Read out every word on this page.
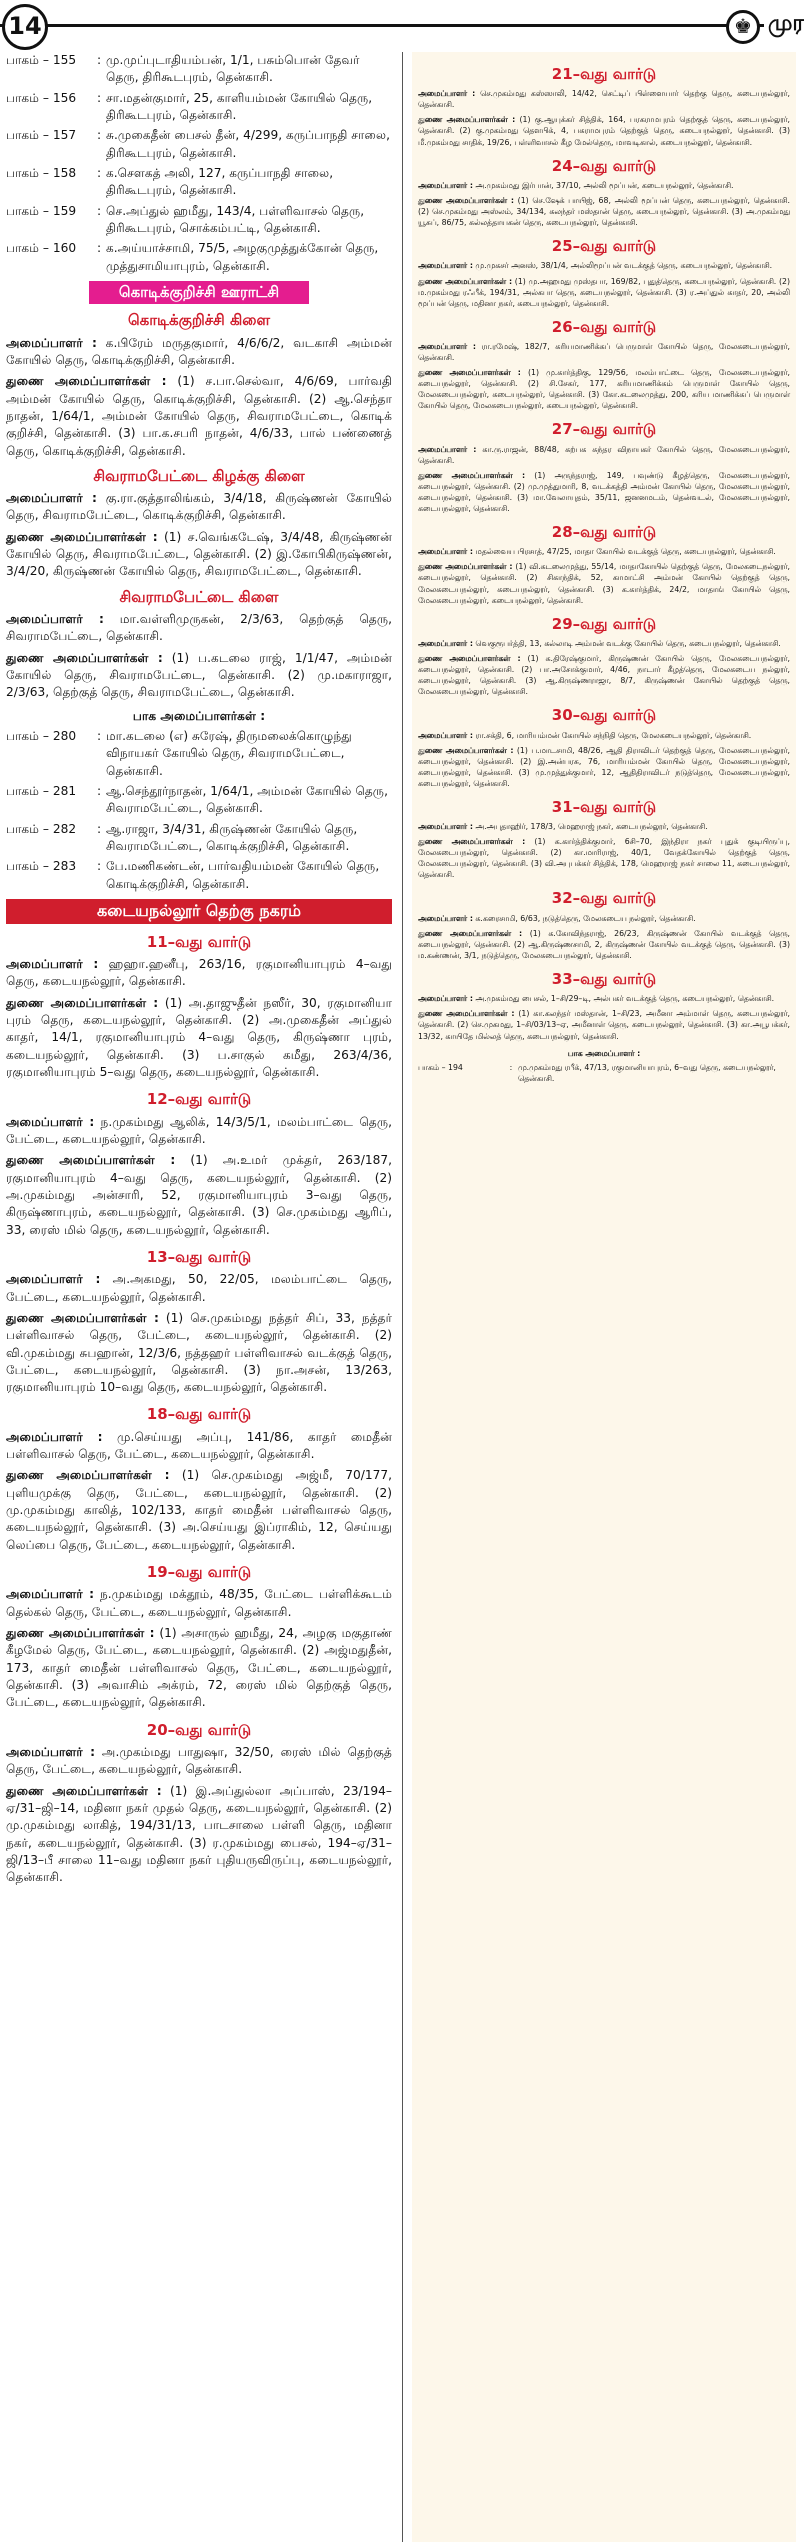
14	♚ முர
பாகம் – 155	: மு.முப்புடாதியம்பன், 1/1, பசும்பொன் தேவர் தெரு, திரிகூடபுரம், தென்காசி.
பாகம் – 156	: சா.மதன்குமார், 25, காளியம்மன் கோயில் தெரு, திரிகூடபுரம், தென்காசி.
பாகம் – 157	: சு.முகைதீன் பைசல் தீன், 4/299, கருப்பாநதி சாலை, திரிகூடபுரம், தென்காசி.
பாகம் – 158	: க.செளகத் அலி, 127, கருப்பாநதி சாலை, திரிகூடபுரம், தென்காசி.
பாகம் – 159	: செ.அப்துல் ஹமீது, 143/4, பள்ளிவாசல் தெரு, திரிகூடபுரம், சொக்கம்பட்டி, தென்காசி.
பாகம் – 160	: க.அய்யாச்சாமி, 75/5, அழகுமுத்துக்கோன் தெரு, முத்துசாமியாபுரம், தென்காசி.
கொடிக்குறிச்சி ஊராட்சி
கொடிக்குறிச்சி கிளை
அமைப்பாளர் : க.பிரேம் மருதகுமார், 4/6/6/2, வடகாசி அம்மன் கோயில் தெரு, கொடிக்குறிச்சி, தென்காசி.
துணை அமைப்பாளர்கள் : (1) ச.பா.செல்வா, 4/6/69, பார்வதி அம்மன் கோயில் தெரு, கொடிக்குறிச்சி, தென்காசி. (2) ஆ.செந்தா நாதன், 1/64/1, அம்மன் கோயில் தெரு, சிவராமபேட்டை, கொடிக் குறிச்சி, தென்காசி. (3) பா.க.சபரி நாதன், 4/6/33, பால் பண்ணைத் தெரு, கொடிக்குறிச்சி, தென்காசி.
சிவராமபேட்டை கிழக்கு கிளை
அமைப்பாளர் : கு.ரா.குத்தாலிங்கம், 3/4/18, கிருஷ்ணன் கோயில் தெரு, சிவராமபேட்டை, கொடிக்குறிச்சி, தென்காசி.
துணை அமைப்பாளர்கள் : (1) ச.வெங்கடேஷ், 3/4/48, கிருஷ்ணன் கோயில் தெரு, சிவராமபேட்டை, தென்காசி. (2) இ.கோபிகிருஷ்ணன், 3/4/20, கிருஷ்ணன் கோயில் தெரு, சிவராமபேட்டை, தென்காசி.
சிவராமபேட்டை கிளை
அமைப்பாளர் : மா.வள்ளிமுருகன், 2/3/63, தெற்குத் தெரு, சிவராமபேட்டை, தென்காசி.
துணை அமைப்பாளர்கள் : (1) ப.கடலை ராஜ், 1/1/47, அம்மன் கோயில் தெரு, சிவராமபேட்டை, தென்காசி. (2) மு.மகாராஜா, 2/3/63, தெற்குத் தெரு, சிவராமபேட்டை, தென்காசி.
பாக அமைப்பாளர்கள் :
பாகம் – 280	: மா.கடலை (எ) சுரேஷ், திருமலைக்கொழுந்து விநாயகர் கோயில் தெரு, சிவராமபேட்டை, தென்காசி.
பாகம் – 281	: ஆ.செந்தூர்நாதன், 1/64/1, அம்மன் கோயில் தெரு, சிவராமபேட்டை, தென்காசி.
பாகம் – 282	: ஆ.ராஜா, 3/4/31, கிருஷ்ணன் கோயில் தெரு, சிவராமபேட்டை, கொடிக்குறிச்சி, தென்காசி.
பாகம் – 283	: பே.மணிகண்டன், பார்வதியம்மன் கோயில் தெரு, கொடிக்குறிச்சி, தென்காசி.
கடையநல்லூர் தெற்கு நகரம்
11–வது வார்டு
அமைப்பாளர் : ஹஹா.ஹனீபு, 263/16, ரகுமானியாபுரம் 4–வது தெரு, கடையநல்லூர், தென்காசி.
துணை அமைப்பாளர்கள் : (1) அ.தாஜுதீன் நஸீர், 30, ரகுமானியா புரம் தெரு, கடையநல்லூர், தென்காசி. (2) அ.முகைதீன் அப்துல் காதர், 14/1, ரகுமானியாபுரம் 4–வது தெரு, கிருஷ்ணா புரம், கடையநல்லூர், தென்காசி. (3) ப.சாகுல் கமீது, 263/4/36, ரகுமானியாபுரம் 5–வது தெரு, கடையநல்லூர், தென்காசி.
12–வது வார்டு
அமைப்பாளர் : ந.முகம்மது ஆலிக், 14/3/5/1, மலம்பாட்டை தெரு, பேட்டை, கடையநல்லூர், தென்காசி.
துணை அமைப்பாளர்கள் : (1) அ.உமர் முக்தர், 263/187, ரகுமானியாபுரம் 4–வது தெரு, கடையநல்லூர், தென்காசி. (2) அ.முகம்மது அன்சாரி, 52, ரகுமானியாபுரம் 3–வது தெரு, கிருஷ்ணாபுரம், கடையநல்லூர், தென்காசி. (3) செ.முகம்மது ஆரிப், 33, ரைஸ் மில் தெரு, கடையநல்லூர், தென்காசி.
13–வது வார்டு
அமைப்பாளர் : அ.அகமது, 50, 22/05, மலம்பாட்டை தெரு, பேட்டை, கடையநல்லூர், தென்காசி.
துணை அமைப்பாளர்கள் : (1) செ.முகம்மது நத்தர் சிப், 33, நத்தர் பள்ளிவாசல் தெரு, பேட்டை, கடையநல்லூர், தென்காசி. (2) வி.முகம்மது சுபஹான், 12/3/6, நத்தஹர் பள்ளிவாசல் வடக்குத் தெரு, பேட்டை, கடையநல்லூர், தென்காசி. (3) நா.அசன், 13/263, ரகுமானியாபுரம் 10–வது தெரு, கடையநல்லூர், தென்காசி.
18–வது வார்டு
அமைப்பாளர் : மு.செய்யது அப்பு, 141/86, காதர் மைதீன் பள்ளிவாசல் தெரு, பேட்டை, கடையநல்லூர், தென்காசி.
துணை அமைப்பாளர்கள் : (1) செ.முகம்மது அஜ்மீ, 70/177, புளியமுக்கு தெரு, பேட்டை, கடையநல்லூர், தென்காசி. (2) மு.முகம்மது காலித், 102/133, காதர் மைதீன் பள்ளிவாசல் தெரு, கடையநல்லூர், தென்காசி. (3) அ.செய்யது இப்ராகிம், 12, செய்யது லெப்பை தெரு, பேட்டை, கடையநல்லூர், தென்காசி.
19–வது வார்டு
அமைப்பாளர் : ந.முகம்மது மக்தூம், 48/35, பேட்டை பள்ளிக்கூடம் தெல்கல் தெரு, பேட்டை, கடையநல்லூர், தென்காசி.
துணை அமைப்பாளர்கள் : (1) அசாருல் ஹமீது, 24, அழகு மகுதாண் கீழமேல் தெரு, பேட்டை, கடையநல்லூர், தென்காசி. (2) அஜ்மதுதீன், 173, காதர் மைதீன் பள்ளிவாசல் தெரு, பேட்டை, கடையநல்லூர், தென்காசி. (3) அவாசிம் அக்ரம், 72, ரைஸ் மில் தெற்குத் தெரு, பேட்டை, கடையநல்லூர், தென்காசி.
20–வது வார்டு
அமைப்பாளர் : அ.முகம்மது பாதுஷா, 32/50, ரைஸ் மில் தெற்குத் தெரு, பேட்டை, கடையநல்லூர், தென்காசி.
துணை அமைப்பாளர்கள் : (1) இ.அப்துல்லா அப்பாஸ், 23/194–ஏ/31–ஜி–14, மதினா நகர் முதல் தெரு, கடையநல்லூர், தென்காசி. (2) மு.முகம்மது லாகித், 194/31/13, பாடசாலை பள்ளி தெரு, மதினா நகர், கடையநல்லூர், தென்காசி. (3) ர.முகம்மது பைசல், 194–ஏ/31–ஜி/13–பீ சாலை 11–வது மதினா நகர் புதியருவிருப்பு, கடையநல்லூர், தென்காசி.
21–வது வார்டு
அமைப்பாளர் : செ.முகம்மது கஸ்ஸாலி, 14/42, செட்டிப் பிள்ளையார் தெற்கு தெரு, கடையநல்லூர், தென்காசி.
துணை அமைப்பாளர்கள் : (1) கு.ஆயுக்கர் சித்திக், 164, பரகராமபுரம் தெற்குத் தெரு, கடையநல்லூர், தென்காசி. (2) கு.முகம்மது தௌபிக், 4, பகராமபுரம் தெற்குத் தெரு, கடையநல்லூர், தென்காசி. (3) மீ.முகம்மது சாதிக், 19/26, பள்ளிவாசல் கீழ மேல்தெரு, மாவடிகால், கடையநல்லூர், தென்காசி.
24–வது வார்டு
அமைப்பாளர் : அ.முகம்மது இர்பான், 37/10, அல்லி மூப்பன், கடையநல்லூர், தென்காசி.
துணை அமைப்பாளர்கள் : (1) செ.ஷேக் பாயிஜ், 68, அல்லி மூப்பன் தெரு, கடையநல்லூர், தென்காசி. (2) செ.முகம்மது அஸ்லம், 34/134, கலந்தர் மஸ்தான் தெரு, கடையநல்லூர், தென்காசி. (3) அ.முகம்மது யூசுப், 86/75, கல்லத்தாயகன் தெரு, கடையநல்லூர், தென்காசி.
25–வது வார்டு
அமைப்பாளர் : மு.முகசர் அனஸ், 38/1/4, அல்லிமூப்பன் வடக்குத் தெரு, கடையநல்லூர், தென்காசி.
துணை அமைப்பாளர்கள் : (1) மு.அஹமது முஸ்தபா, 169/82, புதுத்தெரு, கடையநல்லூர், தென்காசி. (2) ம.முகம்மது ரஃபீக், 194/31, அல்கபா தெரு, கடையநல்லூர், தென்காசி. (3) ர.அப்துல் காதர், 20, அல்லி மூப்பன் தெரு, மதினா நகர், கடையநல்லூர், தென்காசி.
26–வது வார்டு
அமைப்பாளர் : ரா.ரமேஷ், 182/7, கரியமாணிக்கப் பெருமாள் கோயில் தெரு, மேலகடையநல்லூர், தென்காசி.
துணை அமைப்பாளர்கள் : (1) மு.கார்த்திகு, 129/56, மலம்பாட்டை தெரு, மேலகடையநல்லூர், கடையநல்லூர், தென்காசி. (2) சி.சேகர், 177, கரியமாணிக்கம் பெருமாள் கோயில் தெரு, மேலகடையநல்லூர், கடையநல்லூர், தென்காசி. (3) கோ.சுடலைமுத்து, 200, கரிய மாணிக்கப் பெருமாள் கோயில் தெரு, மேலகடையநல்லூர், கடையநல்லூர், தென்காசி.
27–வது வார்டு
அமைப்பாளர் : கா.ரு.ராஜன், 88/48, கற்பக சுந்தர விநாயகர் கோயில் தெரு, மேலகடையநல்லூர், தென்காசி.
துணை அமைப்பாளர்கள் : (1) அருந்தராஜ், 149, பவுண்டு கீழத்தெரு, மேலகடையநல்லூர், கடையநல்லூர், தென்காசி. (2) மு.முத்துமாரி, 8, வடக்கத்தி அம்மன் கோயில் தெரு, மேலகடையநல்லூர், கடையநல்லூர், தென்காசி. (3) மா.வேலாயுதம், 35/11, ஜனனமடம், தென்வடல், மேலகடையநல்லூர், கடையநல்லூர், தென்காசி.
28–வது வார்டு
அமைப்பாளர் : மதல்வைய பிரசாத், 47/25, மாதா கோயில் வடக்குத் தெரு, கடையநல்லூர், தென்காசி.
துணை அமைப்பாளர்கள் : (1) வி.கடலைமுத்து, 55/14, மாதாகோயில் தெற்குத் தெரு, மேலகடைநல்லூர், கடையநல்லூர், தென்காசி. (2) சிகாந்திக், 52, காமாட்சி அம்மன் கோயில் தெற்குத் தெரு, மேலகடையநல்லூர், கடையநல்லூர், தென்காசி. (3) க.கார்த்திக், 24/2, மாதாங் கோயில் தெரு, மேலகடையநல்லூர், கடையநல்லூர், தென்காசி.
29–வது வார்டு
அமைப்பாளர் : வெகுரூபர்த்தி, 13, கல்லாடி அம்மன் வடக்கு கோயில் தெரு, கடையநல்லூர், தென்காசி.
துணை அமைப்பாளர்கள் : (1) க.திரேஷ்குமார், கிருஷ்ணன் கோயில் தெரு, மேலகடையநல்லூர், கடையநல்லூர், தென்காசி. (2) பா.அசோக்குமார், 4/46, நாடார் கீழத்தெரு, மேலகடைய நல்லூர், கடையநல்லூர், தென்காசி. (3) ஆ.கிருஷ்ணராஜா, 8/7, கிருஷ்ணன் கோயில் தெற்குத் தெரு, மேலகடையநல்லூர், தென்காசி.
30–வது வார்டு
அமைப்பாளர் : ரா.சக்தி, 6, மாரியம்மன் கோயில் சந்நிதி தெரு, மேலகடையநல்லூர், தென்காசி.
துணை அமைப்பாளர்கள் : (1) ப.மாடசாமி, 48/26, ஆதி திராவிடர் தெற்குத் தெரு, மேலகடையநல்லூர், கடையநல்லூர், தென்காசி. (2) இ.அன்பரசு, 76, மாரியம்மன் கோயில் தெரு, மேலகடையநல்லூர், கடையநல்லூர், தென்காசி. (3) மு.முத்துக்குமார், 12, ஆதிதிராவிடர் நடுத்தெரு, மேலகடையநல்லூர், கடையநல்லூர், தென்காசி.
31–வது வார்டு
அமைப்பாளர் : அ.அபுதாஹிர், 178/3, மெஹராஜ் நகர், கடையநல்லூர், தென்காசி.
துணை அமைப்பாளர்கள் : (1) க.கார்த்திக்குமார், 6சி–70, இந்திரா நகர் புதுக் குடியிருப்பு, மேலகடையநல்லூர், தென்காசி. (2) கா.மாரிராஜ், 40/1, வேதக்கோயில் தெற்குத் தெரு, மேலகடையநல்லூர், தென்காசி. (3) வி.அபுபக்கர் சித்திக், 178, மெஹராஜ் நகர் சாலை 11, கடையநல்லூர், தென்காசி.
32–வது வார்டு
அமைப்பாளர் : க.கரைசாமி, 6/63, நடுத்தெரு, மேலகடைய நல்லூர், தென்காசி.
துணை அமைப்பாளர்கள் : (1) க.கோவிந்தராஜ், 26/23, கிருஷ்ணன் கோயில் வடக்குத் தெரு, கடையநல்லூர், தென்காசி. (2) ஆ.கிருஷ்ணசாமி, 2, கிருஷ்ணன் கோயில் வடக்குத் தெரு, தென்காசி. (3) ம.கண்ணன், 3/1, நடுத்தெரு, மேலகடையநல்லூர், தென்காசி.
33–வது வார்டு
அமைப்பாளர் : அ.முகம்மது பைசல், 1–சி/29–டி, அல்பகர் வடக்குத் தெரு, கடையநல்லூர், தென்காசி.
துணை அமைப்பாளர்கள் : (1) கா.கலந்தர் மஸ்தான், 1–சி/23, அமீனா அம்மாள் தெரு, கடையநல்லூர், தென்காசி. (2) செ.முகமது, 1–சி/03/13–ஏ, அமீனாள் தெரு, கடையநல்லூர், தென்காசி. (3) கா.அபூபக்கர், 13/32, காயிதே மில்லத் தெரு, கடையநல்லூர், தென்காசி.
பாக அமைப்பாளர் :
பாகம் – 194	: மு.முகம்மது ரபீக், 47/13, ரகுமானியாபுரம், 6–வது தெரு, கடையநல்லூர், தென்காசி.
